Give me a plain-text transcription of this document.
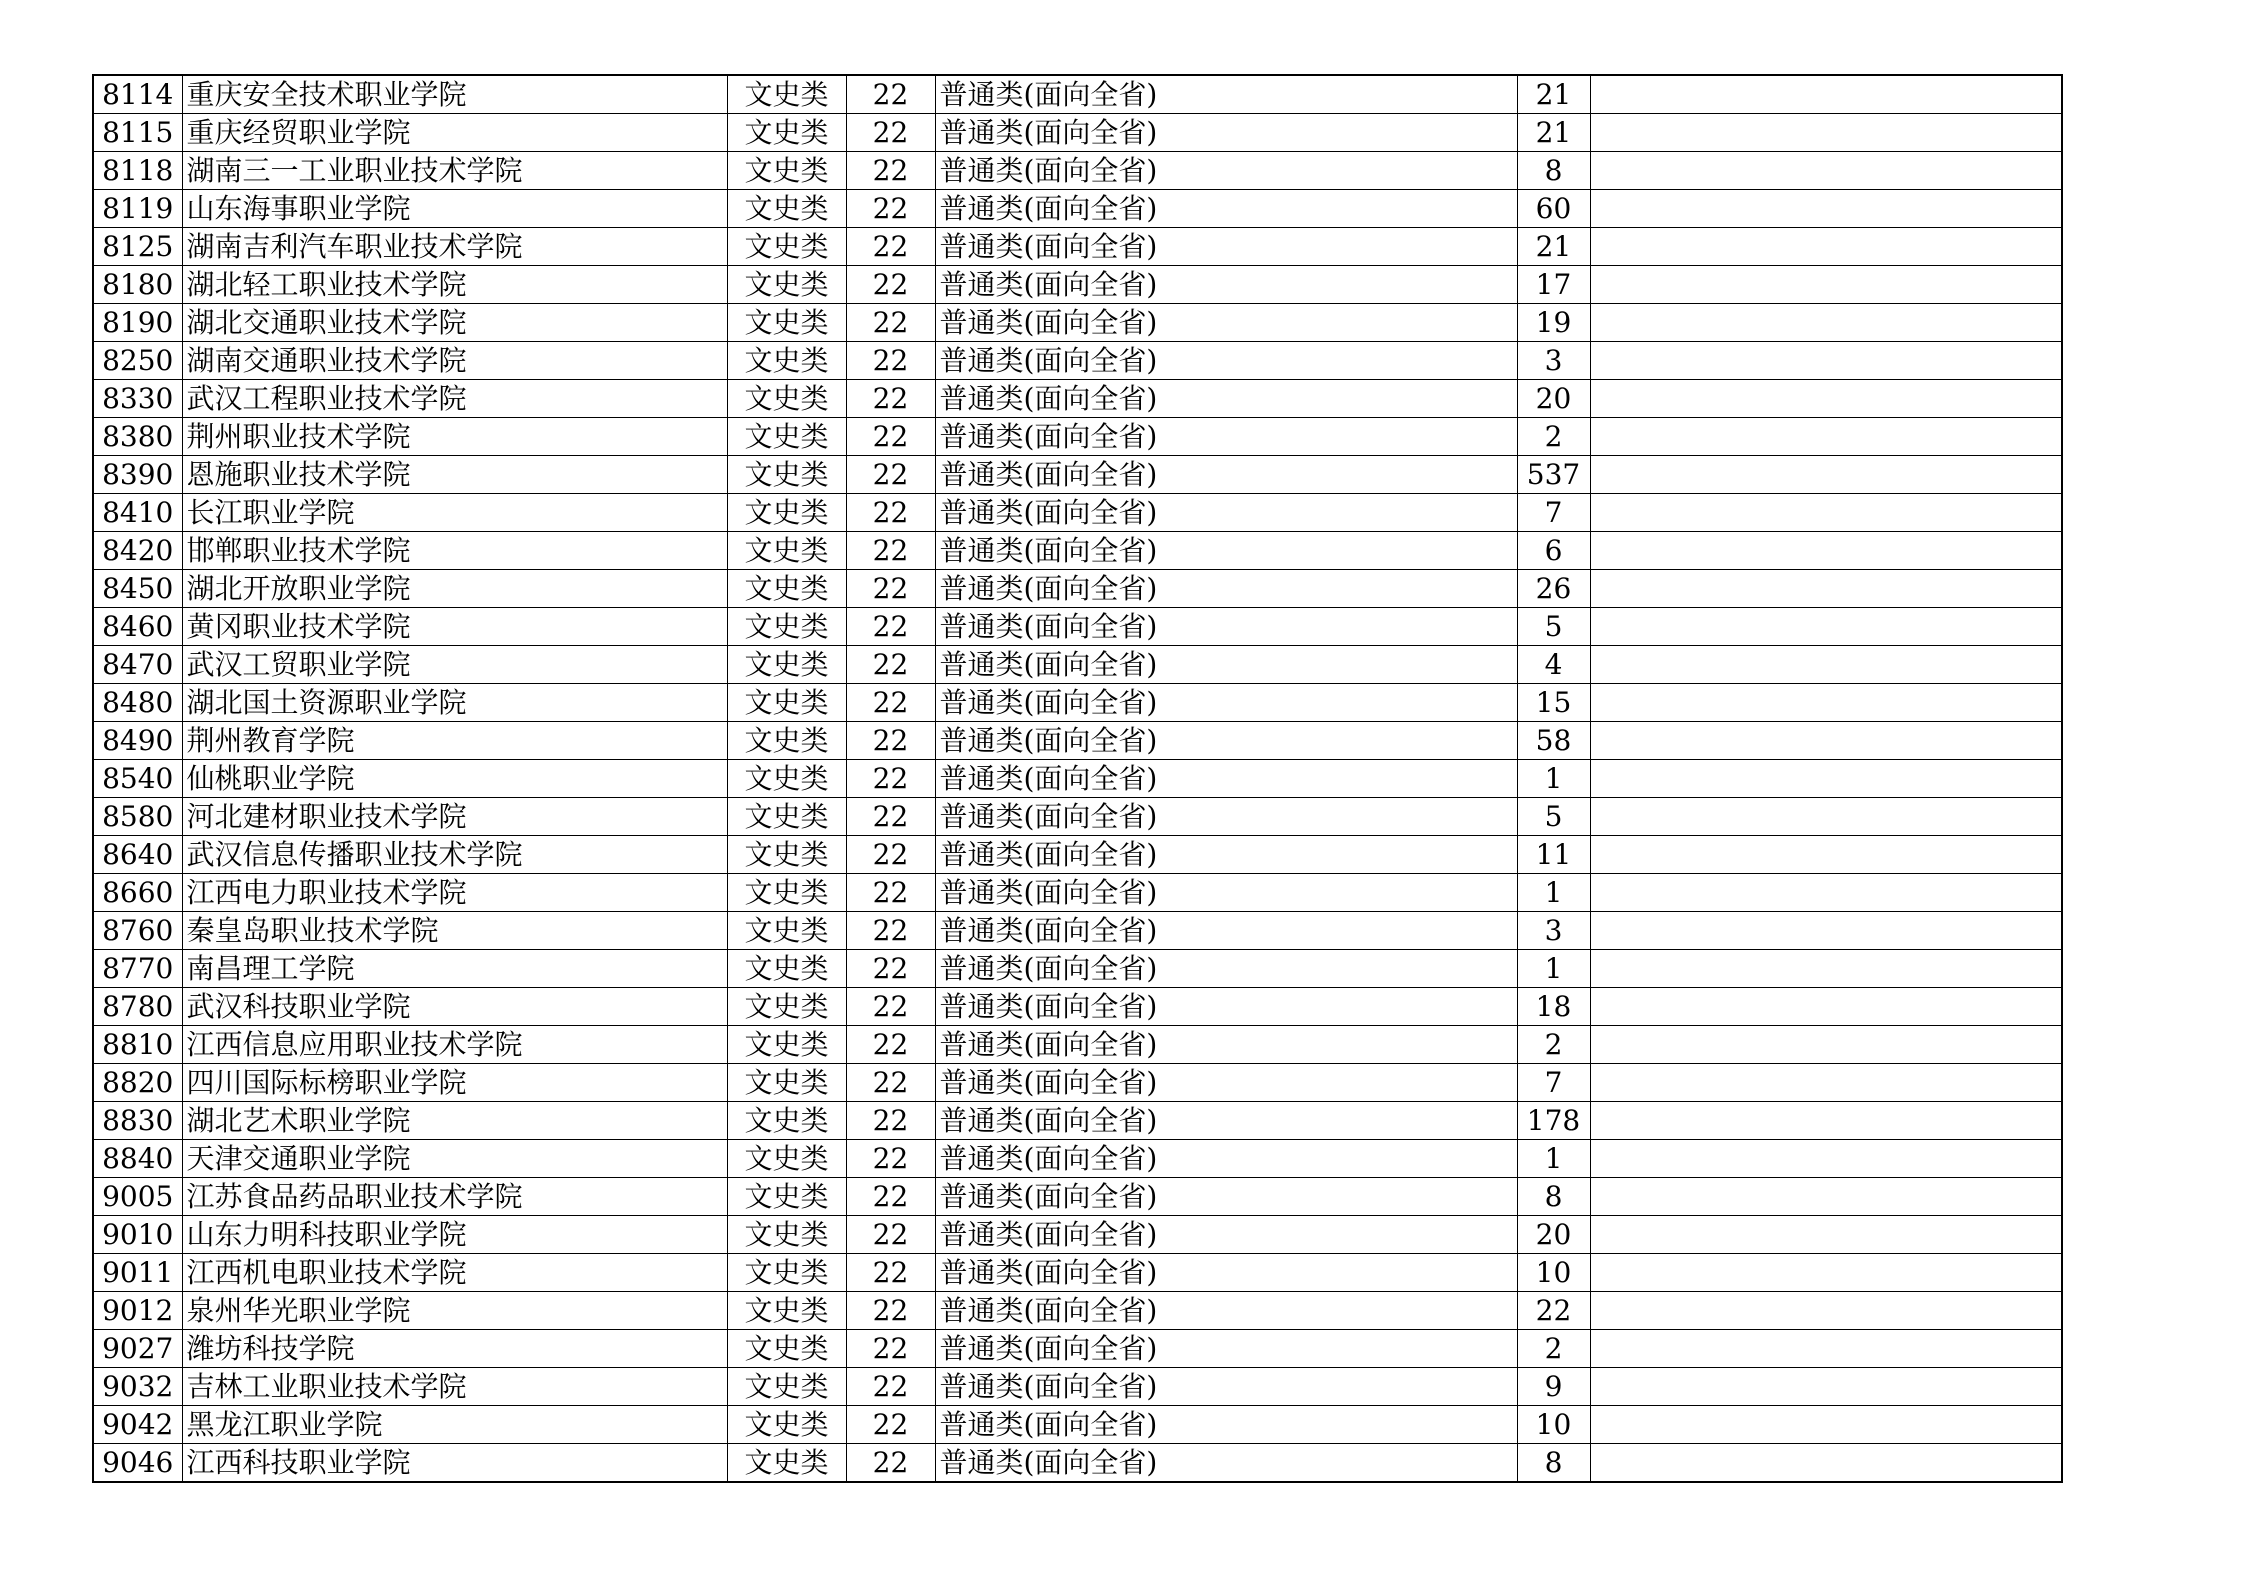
8114	重庆安全技术职业学院	文史类	22	普通类(面向全省)	21	
8115	重庆经贸职业学院	文史类	22	普通类(面向全省)	21	
8118	湖南三一工业职业技术学院	文史类	22	普通类(面向全省)	8	
8119	山东海事职业学院	文史类	22	普通类(面向全省)	60	
8125	湖南吉利汽车职业技术学院	文史类	22	普通类(面向全省)	21	
8180	湖北轻工职业技术学院	文史类	22	普通类(面向全省)	17	
8190	湖北交通职业技术学院	文史类	22	普通类(面向全省)	19	
8250	湖南交通职业技术学院	文史类	22	普通类(面向全省)	3	
8330	武汉工程职业技术学院	文史类	22	普通类(面向全省)	20	
8380	荆州职业技术学院	文史类	22	普通类(面向全省)	2	
8390	恩施职业技术学院	文史类	22	普通类(面向全省)	537	
8410	长江职业学院	文史类	22	普通类(面向全省)	7	
8420	邯郸职业技术学院	文史类	22	普通类(面向全省)	6	
8450	湖北开放职业学院	文史类	22	普通类(面向全省)	26	
8460	黄冈职业技术学院	文史类	22	普通类(面向全省)	5	
8470	武汉工贸职业学院	文史类	22	普通类(面向全省)	4	
8480	湖北国土资源职业学院	文史类	22	普通类(面向全省)	15	
8490	荆州教育学院	文史类	22	普通类(面向全省)	58	
8540	仙桃职业学院	文史类	22	普通类(面向全省)	1	
8580	河北建材职业技术学院	文史类	22	普通类(面向全省)	5	
8640	武汉信息传播职业技术学院	文史类	22	普通类(面向全省)	11	
8660	江西电力职业技术学院	文史类	22	普通类(面向全省)	1	
8760	秦皇岛职业技术学院	文史类	22	普通类(面向全省)	3	
8770	南昌理工学院	文史类	22	普通类(面向全省)	1	
8780	武汉科技职业学院	文史类	22	普通类(面向全省)	18	
8810	江西信息应用职业技术学院	文史类	22	普通类(面向全省)	2	
8820	四川国际标榜职业学院	文史类	22	普通类(面向全省)	7	
8830	湖北艺术职业学院	文史类	22	普通类(面向全省)	178	
8840	天津交通职业学院	文史类	22	普通类(面向全省)	1	
9005	江苏食品药品职业技术学院	文史类	22	普通类(面向全省)	8	
9010	山东力明科技职业学院	文史类	22	普通类(面向全省)	20	
9011	江西机电职业技术学院	文史类	22	普通类(面向全省)	10	
9012	泉州华光职业学院	文史类	22	普通类(面向全省)	22	
9027	潍坊科技学院	文史类	22	普通类(面向全省)	2	
9032	吉林工业职业技术学院	文史类	22	普通类(面向全省)	9	
9042	黑龙江职业学院	文史类	22	普通类(面向全省)	10	
9046	江西科技职业学院	文史类	22	普通类(面向全省)	8	
